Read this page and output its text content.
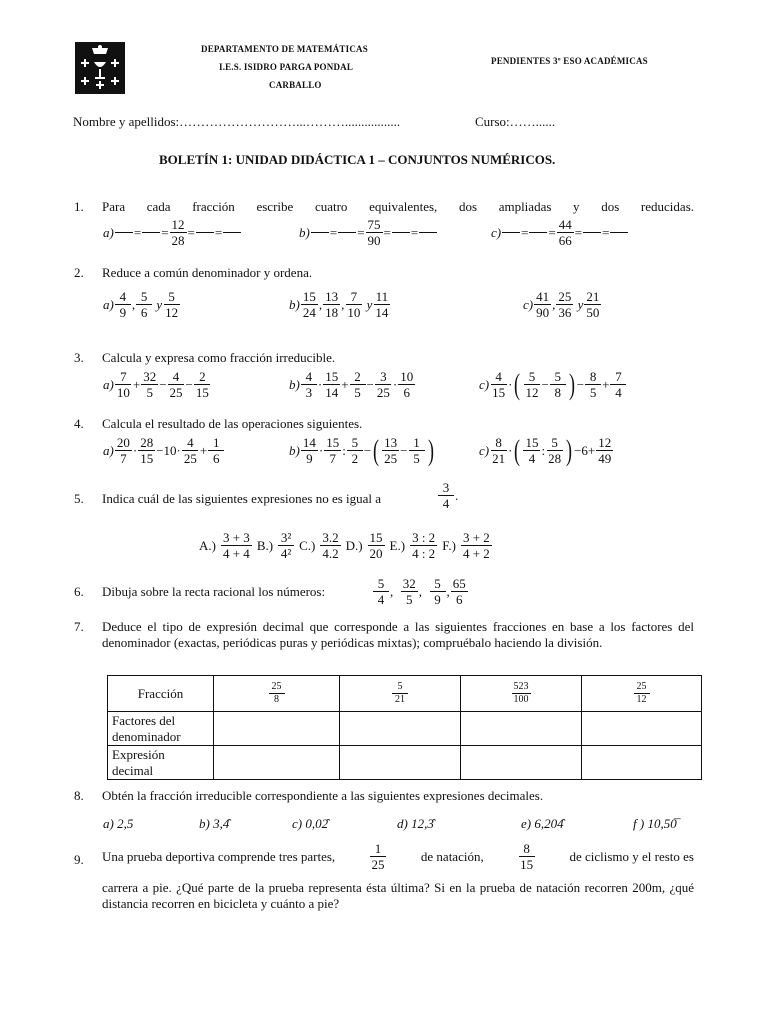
DEPARTAMENTO DE MATEMÁTICAS
I.E.S. ISIDRO PARGA PONDAL
CARBALLO
PENDIENTES 3º ESO ACADÉMICAS
Nombre y apellidos:………………………...……….................	Curso:……......
BOLETÍN 1: UNIDAD DIDÁCTICA 1 – CONJUNTOS NUMÉRICOS.
1. Para cada fracción escribe cuatro equivalentes, dos ampliadas y dos reducidas.
a) = =
12
28
= =	b) = =
75
90
= =	c) = =
44
66
= =
2. Reduce a común denominador y ordena.
a)
4
9
,
5
6

y
5
12
b)
15
24
,
13
18
,
7
10

y
11
14
c)
41
90
,
25
36

y
21
50
3. Calcula y expresa como fracción irreducible.
a)
7
10
+
32
5
−
4
25
−
2
15
b)
4
3
·
15
14
+
2
5
−
3
25
·
10
6
c)
4
15
· ( 5
12
−
5
8 ) −
8
5
+
7
4
4. Calcula el resultado de las operaciones siguientes.
a)
20
7
·
28
15
−10·
4
25
+
1
6
b)
14
9
·
15
7
:
5
2
− ( 13
25
−
1
5 )	c)
8
21
· ( 15
4
:
5
28 ) −6+
12
49
5. Indica cuál de las siguientes expresiones no es igual a
3
4
.
A.)
3 + 3
4 + 4
B.)
3²
4²
C.)
3.2
4.2
D.)
15
20
E.)
3 : 2
4 : 2
F.)
3 + 2
4 + 2
6. Dibuja sobre la recta racional los números:
5
4
,
32
5
,
5
9
,
65
6
7. Deduce el tipo de expresión decimal que corresponde a las siguientes fracciones en base a los factores del denominador (exactas, periódicas puras y periódicas mixtas); compruébalo haciendo la división.
Fracción	$\frac{25}{8}$	$\frac{5}{21}$	$\frac{523}{100}$	$\frac{25}{12}$

Factores del denominador				
Expresión decimal				
8. Obtén la fracción irreducible correspondiente a las siguientes expresiones decimales.
a) 2,5	b) 3,4̑	c) 0,02̑	d) 12,3̑	e) 6,204̑	f ) 10,50̅
9. Una prueba deportiva comprende tres partes,	1
25
de natación,	8
15
de ciclismo y el resto es
carrera a pie. ¿Qué parte de la prueba representa ésta última? Si en la prueba de natación recorren 200m, ¿qué distancia recorren en bicicleta y cuánto a pie?
